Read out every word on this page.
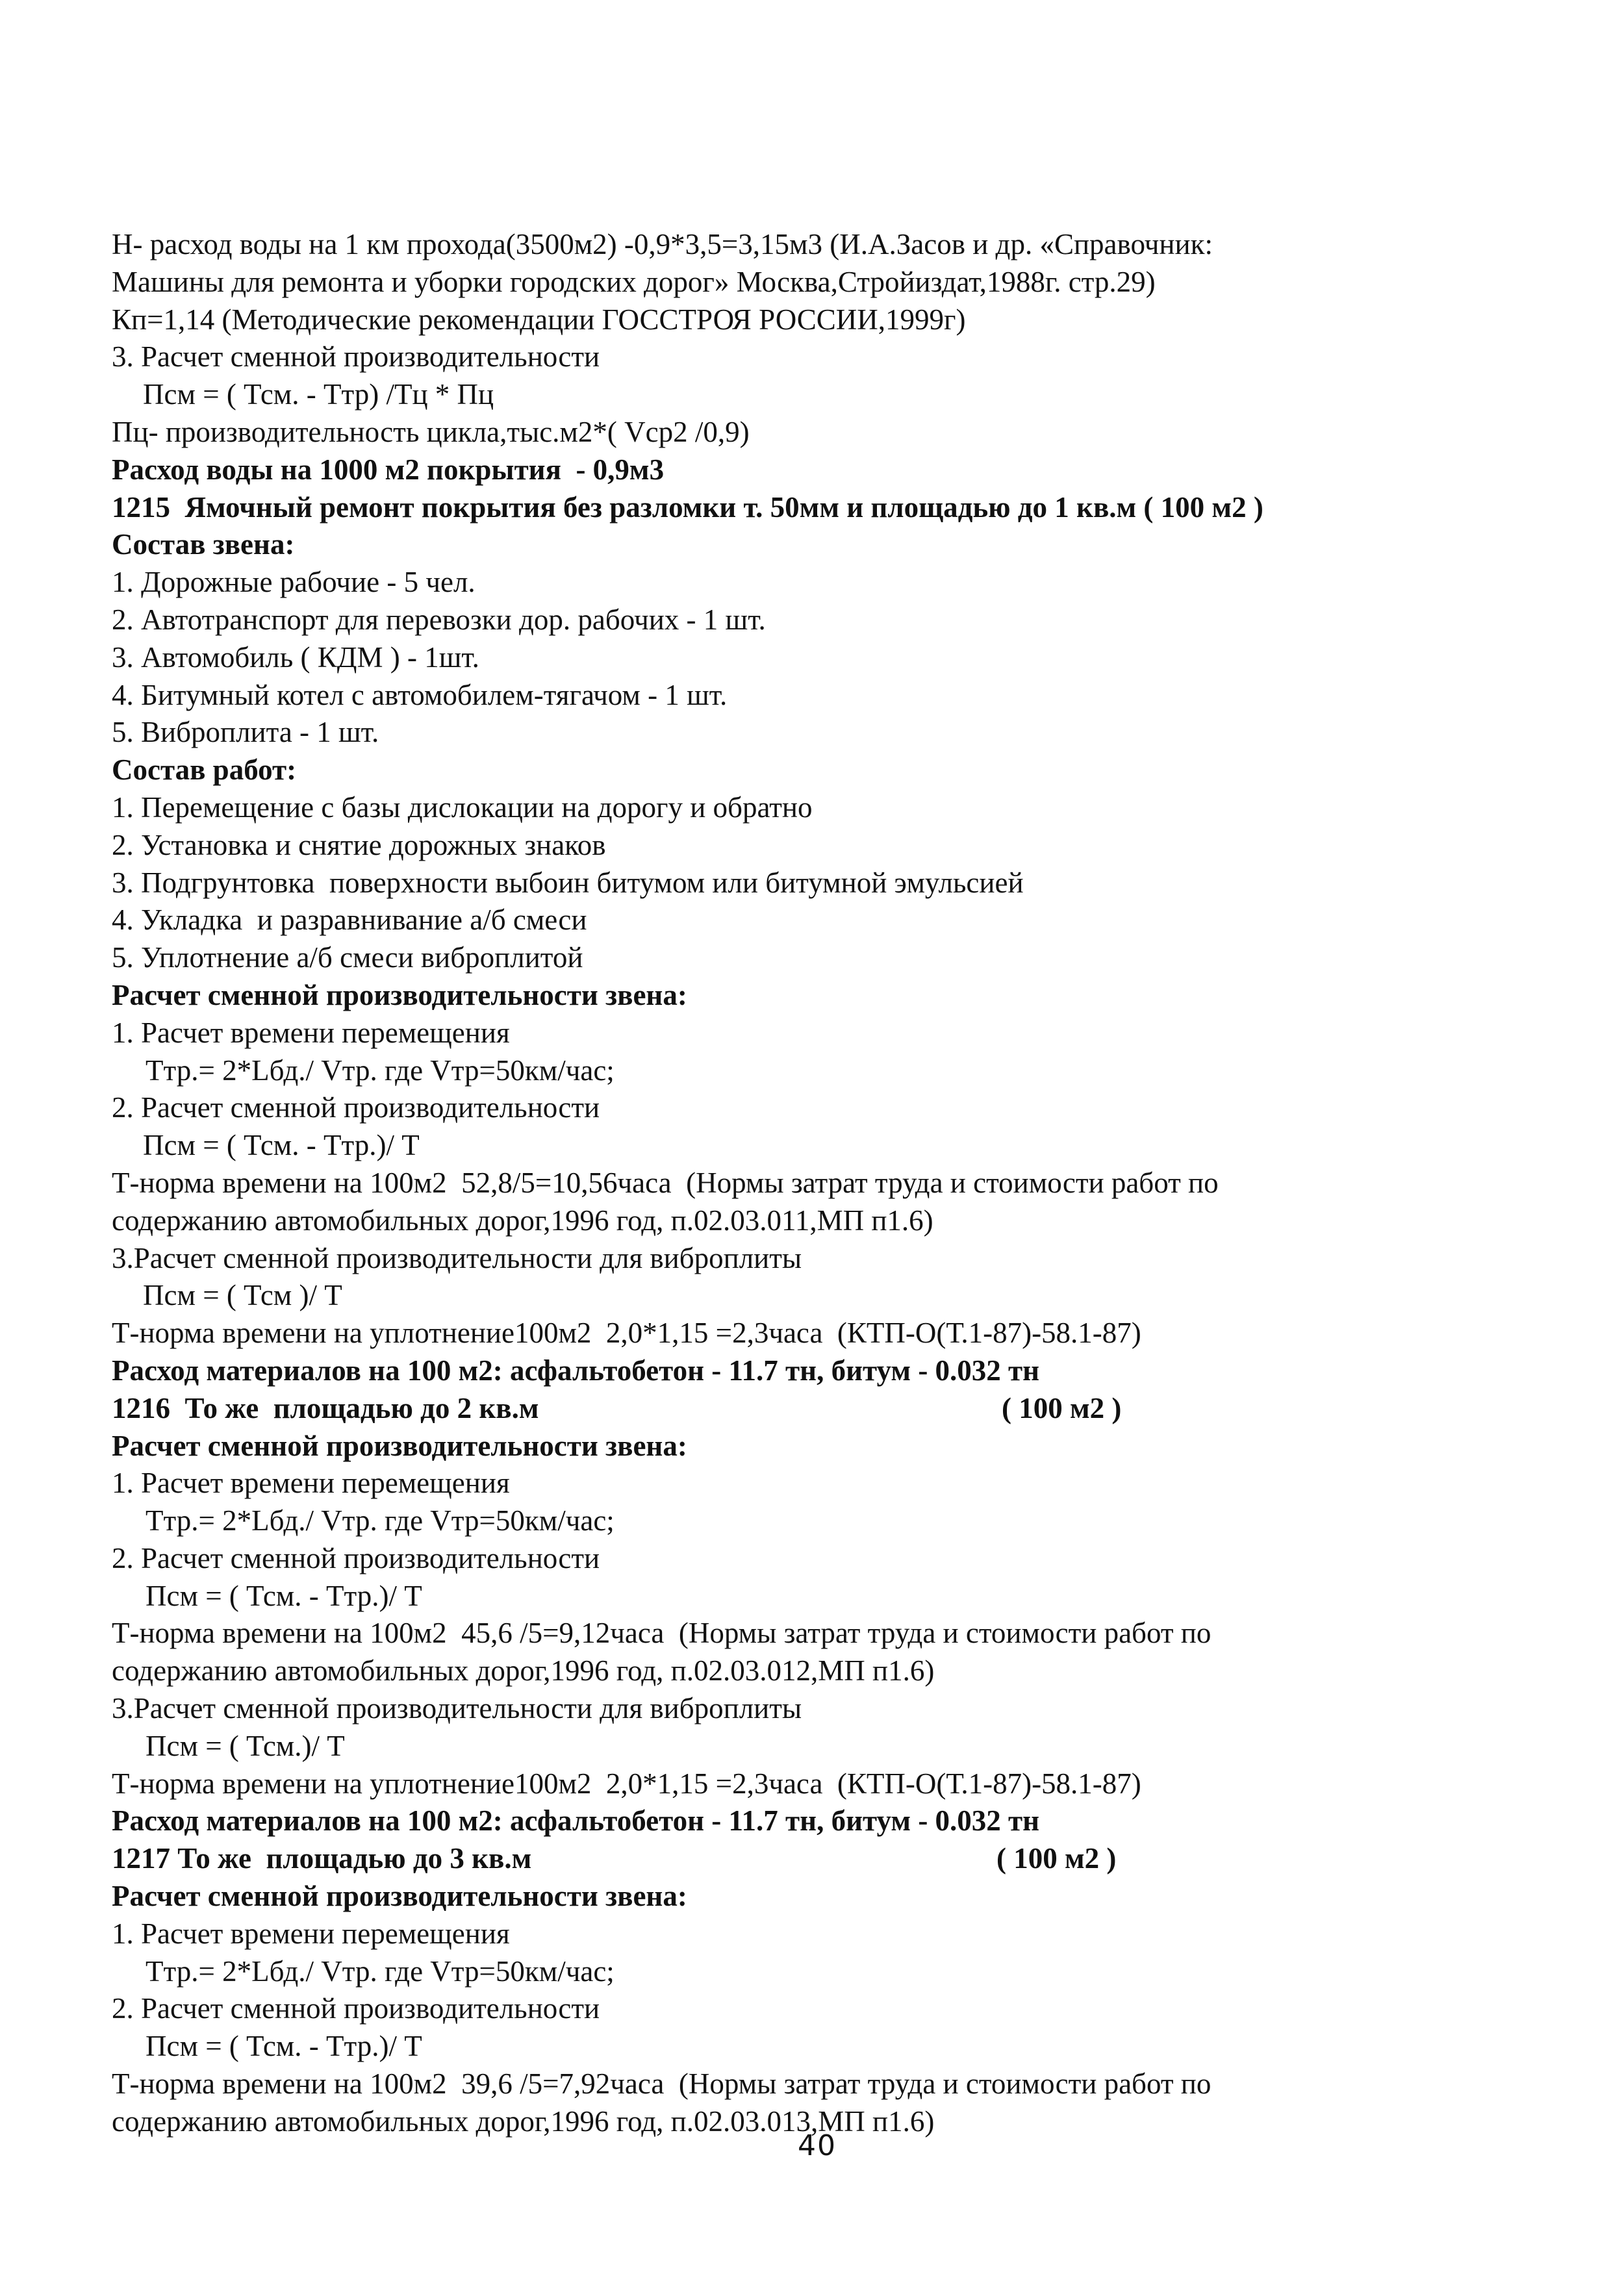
Н- расход воды на 1 км прохода(3500м2) -0,9*3,5=3,15м3 (И.А.Засов и др. «Справочник:
Машины для ремонта и уборки городских дорог» Москва,Стройиздат,1988г. стр.29)
Кп=1,14 (Методические рекомендации ГОССТРОЯ РОССИИ,1999г)
3. Расчет сменной производительности
Псм = ( Тсм. - Ттр) /Тц * Пц
Пц- производительность цикла,тыс.м2*( Vср2 /0,9)
Расход воды на 1000 м2 покрытия  - 0,9м3
1215  Ямочный ремонт покрытия без разломки т. 50мм и площадью до 1 кв.м ( 100 м2 )
Состав звена:
1. Дорожные рабочие - 5 чел.
2. Автотранспорт для перевозки дор. рабочих - 1 шт.
3. Автомобиль ( КДМ ) - 1шт.
4. Битумный котел с автомобилем-тягачом - 1 шт.
5. Виброплита - 1 шт.
Состав работ:
1. Перемещение с базы дислокации на дорогу и обратно
2. Установка и снятие дорожных знаков
3. Подгрунтовка  поверхности выбоин битумом или битумной эмульсией
4. Укладка  и разравнивание а/б смеси
5. Уплотнение а/б смеси виброплитой
Расчет сменной производительности звена:
1. Расчет времени перемещения
Ттр.= 2*Lбд./ Vтр. где Vтр=50км/час;
2. Расчет сменной производительности
Псм = ( Тсм. - Ттр.)/ Т
Т-норма времени на 100м2  52,8/5=10,56часа  (Нормы затрат труда и стоимости работ по
содержанию автомобильных дорог,1996 год, п.02.03.011,МП п1.6)
3.Расчет сменной производительности для виброплиты
Псм = ( Тсм )/ Т
Т-норма времени на уплотнение100м2  2,0*1,15 =2,3часа  (КТП-О(Т.1-87)-58.1-87)
Расход материалов на 100 м2: асфальтобетон - 11.7 тн, битум - 0.032 тн
1216  То же  площадью до 2 кв.м	( 100 м2 )
Расчет сменной производительности звена:
1. Расчет времени перемещения
Ттр.= 2*Lбд./ Vтр. где Vтр=50км/час;
2. Расчет сменной производительности
Псм = ( Тсм. - Ттр.)/ Т
Т-норма времени на 100м2  45,6 /5=9,12часа  (Нормы затрат труда и стоимости работ по
содержанию автомобильных дорог,1996 год, п.02.03.012,МП п1.6)
3.Расчет сменной производительности для виброплиты
Псм = ( Тсм.)/ Т
Т-норма времени на уплотнение100м2  2,0*1,15 =2,3часа  (КТП-О(Т.1-87)-58.1-87)
Расход материалов на 100 м2: асфальтобетон - 11.7 тн, битум - 0.032 тн
1217 То же  площадью до 3 кв.м	( 100 м2 )
Расчет сменной производительности звена:
1. Расчет времени перемещения
Ттр.= 2*Lбд./ Vтр. где Vтр=50км/час;
2. Расчет сменной производительности
Псм = ( Тсм. - Ттр.)/ Т
Т-норма времени на 100м2  39,6 /5=7,92часа  (Нормы затрат труда и стоимости работ по
содержанию автомобильных дорог,1996 год, п.02.03.013,МП п1.6)
40
